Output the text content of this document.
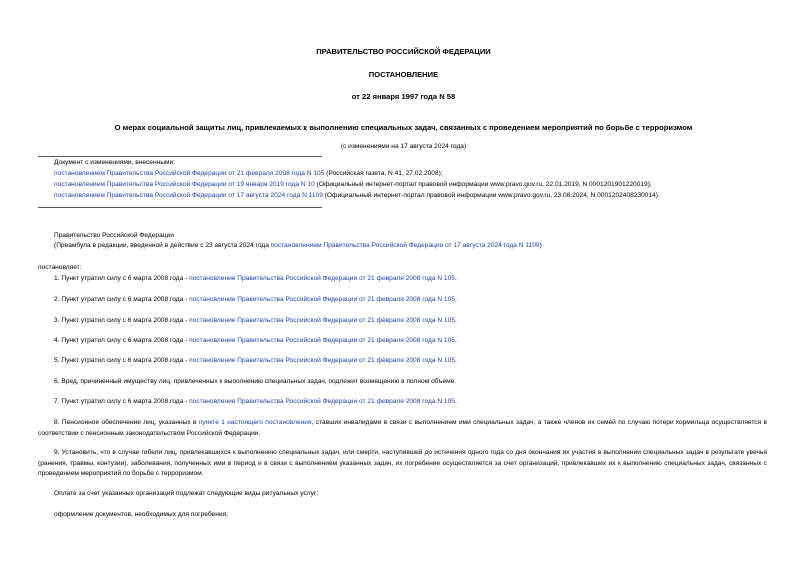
ПРАВИТЕЛЬСТВО РОССИЙСКОЙ ФЕДЕРАЦИИ
ПОСТАНОВЛЕНИЕ
от 22 января 1997 года N 58
О мерах социальной защиты лиц, привлекаемых к выполнению специальных задач, связанных с проведением мероприятий по борьбе с терроризмом
(с изменениями на 17 августа 2024 года)
Документ с изменениями, внесенными:
постановлением Правительства Российской Федерации от 21 февраля 2008 года N 105 (Российская газета, N 41, 27.02.2008);
постановлением Правительства Российской Федерации от 19 января 2019 года N 10 (Официальный интернет-портал правовой информации www.pravo.gov.ru, 22.01.2019, N 0001201901220019);
постановлением Правительства Российской Федерации от 17 августа 2024 года N 1109 (Официальный интернет-портал правовой информации www.pravo.gov.ru, 23.08.2024, N 0001202408230014).
Правительство Российской Федерации
(Преамбула в редакции, введенной в действие с 23 августа 2024 года постановлением Правительства Российской Федерации от 17 августа 2024 года N 1109)
постановляет:
1. Пункт утратил силу с 6 марта 2008 года - постановление Правительства Российской Федерации от 21 февраля 2008 года N 105.
2. Пункт утратил силу с 6 марта 2008 года - постановление Правительства Российской Федерации от 21 февраля 2008 года N 105.
3. Пункт утратил силу с 6 марта 2008 года - постановление Правительства Российской Федерации от 21 февраля 2008 года N 105.
4. Пункт утратил силу с 6 марта 2008 года - постановление Правительства Российской Федерации от 21 февраля 2008 года N 105.
5. Пункт утратил силу с 6 марта 2008 года - постановление Правительства Российской Федерации от 21 февраля 2008 года N 105.
6. Вред, причиненный имуществу лиц, привлеченных к выполнению специальных задач, подлежит возмещению в полном объеме.
7. Пункт утратил силу с 6 марта 2008 года - постановление Правительства Российской Федерации от 21 февраля 2008 года N 105.
8. Пенсионное обеспечение лиц, указанных в пункте 1 настоящего постановления, ставших инвалидами в связи с выполнением ими специальных задач, а также членов их семей по случаю потери кормильца осуществляется в соответствии с пенсионным законодательством Российской Федерации.
9. Установить, что в случае гибели лиц, привлекавшихся к выполнению специальных задач, или смерти, наступившей до истечения одного года со дня окончания их участия в выполнении специальных задач в результате увечья (ранения, травмы, контузии), заболевания, полученных ими в период и в связи с выполнением указанных задач, их погребение осуществляется за счет организаций, привлекавших их к выполнению специальных задач, связанных с проведением мероприятий по борьбе с терроризмом.
Оплате за счет указанных организаций подлежат следующие виды ритуальных услуг:
оформление документов, необходимых для погребения;
